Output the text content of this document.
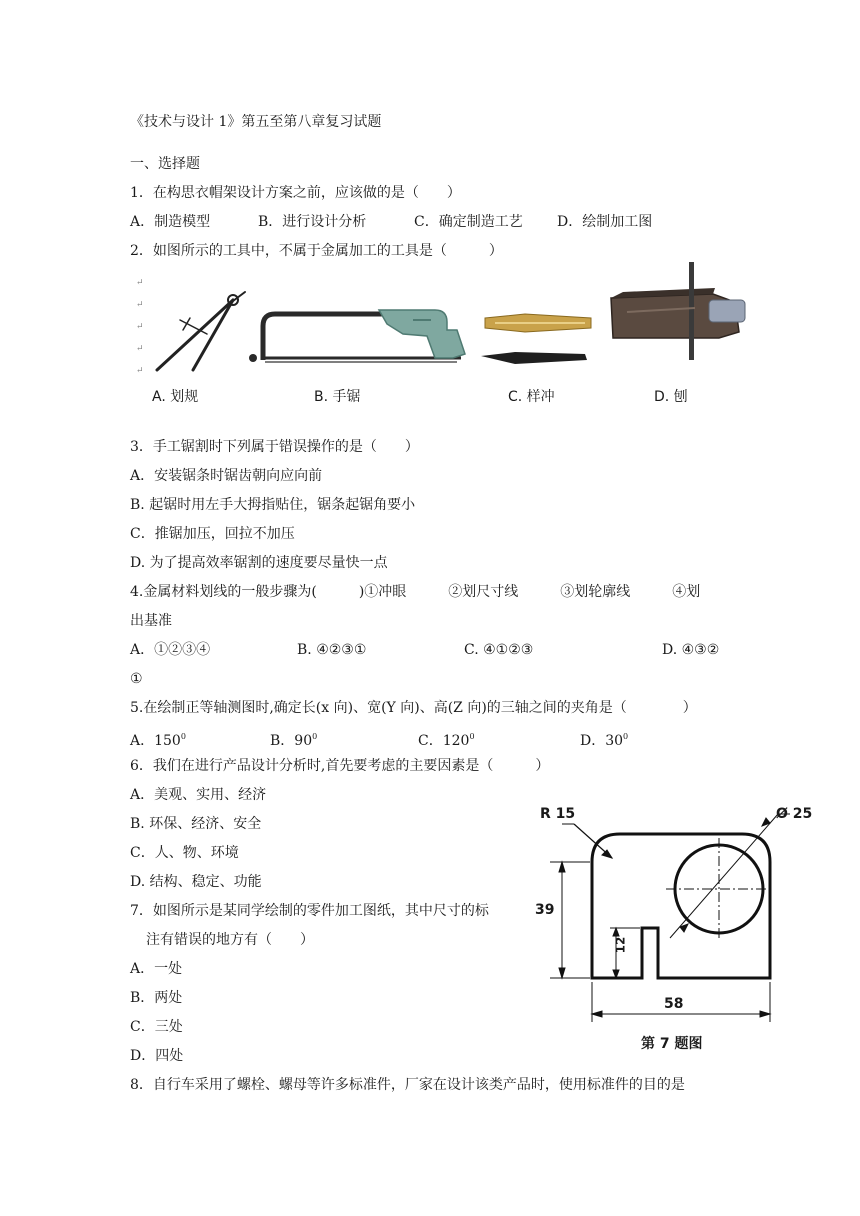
《技术与设计 1》第五至第八章复习试题
一、选择题
1．在构思衣帽架设计方案之前，应该做的是（　　）
A．制造模型	B．进行设计分析	C．确定制造工艺 D．绘制加工图
2．如图所示的工具中，不属于金属加工的工具是（　　　）
↵
↵
↵
↵
↵
A. 划规	B. 手锯	C. 样冲	D. 刨
3．手工锯割时下列属于错误操作的是（　　）
A．安装锯条时锯齿朝向应向前
B. 起锯时用左手大拇指贴住，锯条起锯角要小
C．推锯加压，回拉不加压
D. 为了提高效率锯割的速度要尽量快一点
4.金属材料划线的一般步骤为(　　　)①冲眼　　　②划尺寸线　　　③划轮廓线　　　④划
出基准
A．①②③④	B. ④②③①	C. ④①②③	D. ④③②
①
5.在绘制正等轴测图时,确定长(x 向)、宽(Y 向)、高(Z 向)的三轴之间的夹角是（　　　　）
A．$150^0$	B．$90^0$	C．$120^0$	D．$30^0$
6．我们在进行产品设计分析时,首先要考虑的主要因素是（　　　）
A．美观、实用、经济
B. 环保、经济、安全
C．人、物、环境
D. 结构、稳定、功能
7．如图所示是某同学绘制的零件加工图纸，其中尺寸的标
注有错误的地方有（　　）
A．一处
B．两处
C．三处
D．四处
R 15	Ø 25
39
12
58
第 7 题图
8．自行车采用了螺栓、螺母等许多标准件，厂家在设计该类产品时，使用标准件的目的是
